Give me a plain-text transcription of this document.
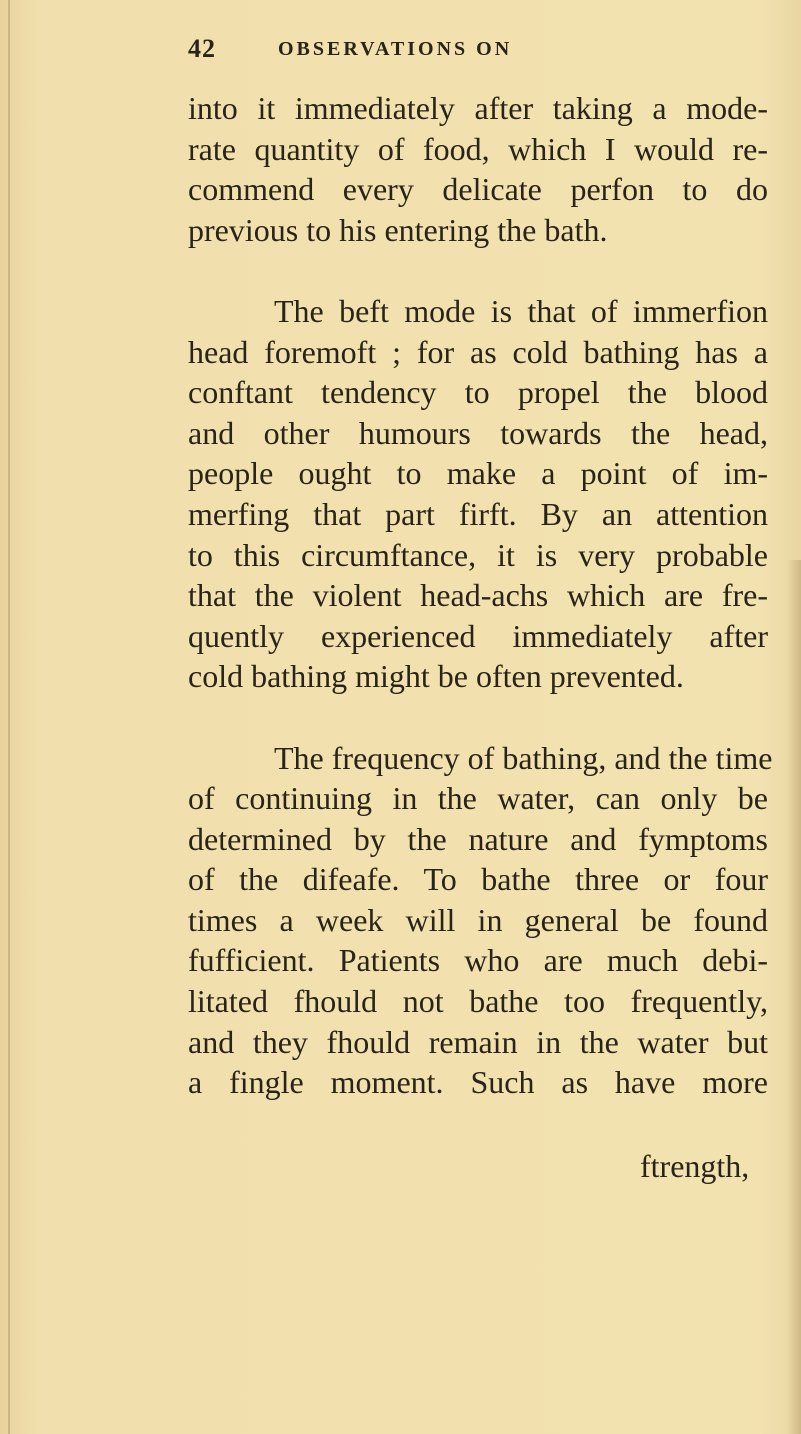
42	OBSERVATIONS ON
into it immediately after taking a mode-
rate quantity of food, which I would re-
commend every delicate perfon to do
previous to his entering the bath.
The beft mode is that of immerfion
head foremoft ; for as cold bathing has a
conftant tendency to propel the blood
and other humours towards the head,
people ought to make a point of im-
merfing that part firft. By an attention
to this circumftance, it is very probable
that the violent head-achs which are fre-
quently experienced immediately after
cold bathing might be often prevented.
The frequency of bathing, and the time
of continuing in the water, can only be
determined by the nature and fymptoms
of the difeafe. To bathe three or four
times a week will in general be found
fufficient. Patients who are much debi-
litated fhould not bathe too frequently,
and they fhould remain in the water but
a fingle moment. Such as have more
ftrength,
